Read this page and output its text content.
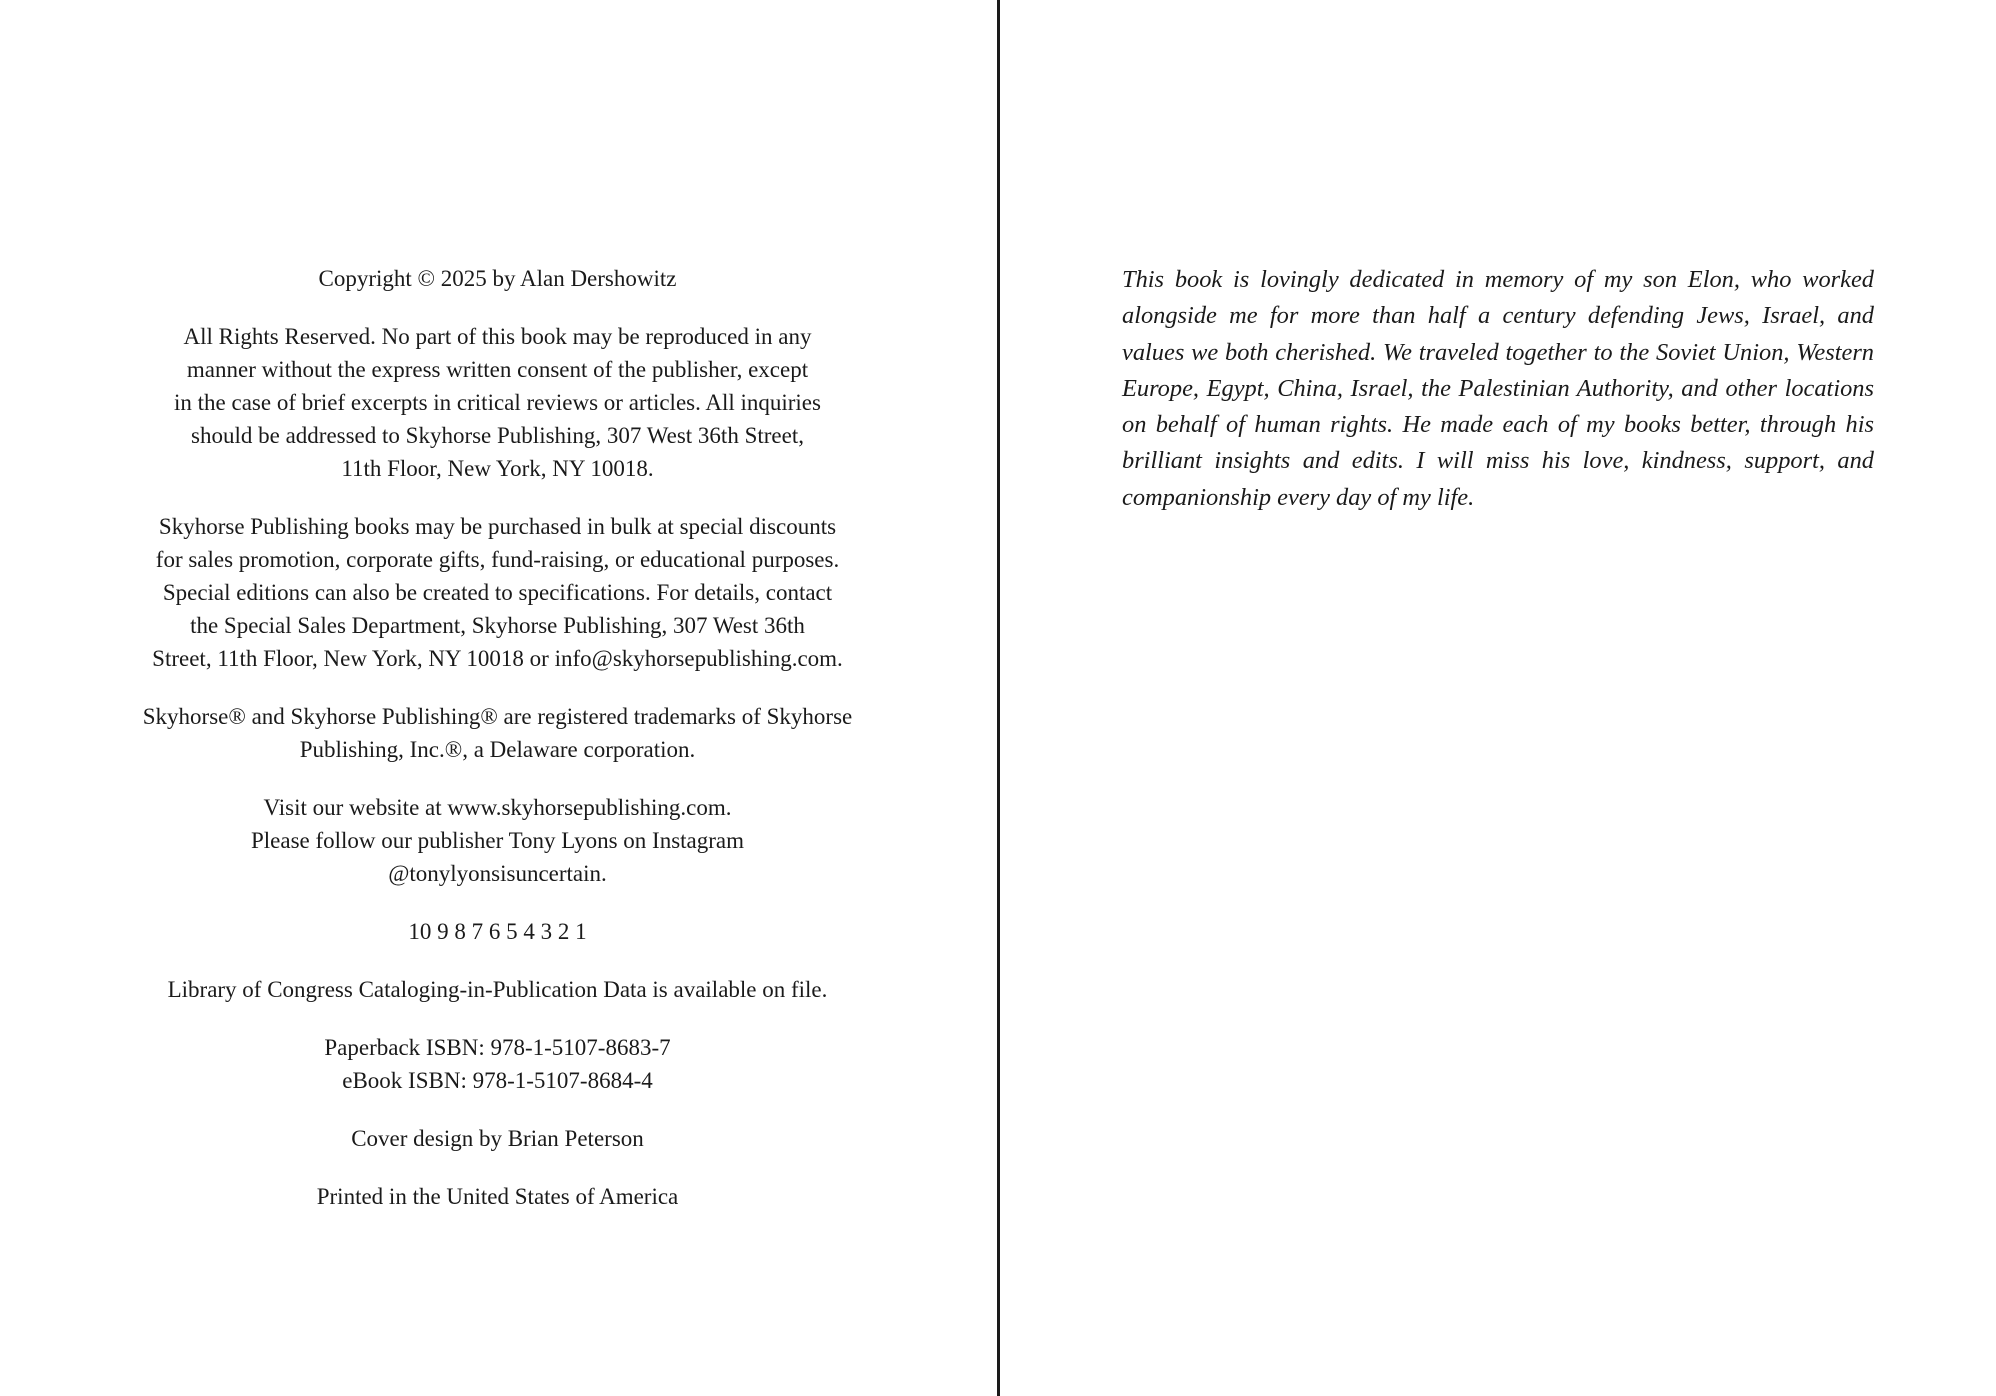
Copyright © 2025 by Alan Dershowitz

All Rights Reserved. No part of this book may be reproduced in any
manner without the express written consent of the publisher, except
in the case of brief excerpts in critical reviews or articles. All inquiries
should be addressed to Skyhorse Publishing, 307 West 36th Street,
11th Floor, New York, NY 10018.

Skyhorse Publishing books may be purchased in bulk at special discounts
for sales promotion, corporate gifts, fund-raising, or educational purposes.
Special editions can also be created to specifications. For details, contact
the Special Sales Department, Skyhorse Publishing, 307 West 36th
Street, 11th Floor, New York, NY 10018 or info@skyhorsepublishing.com.

Skyhorse® and Skyhorse Publishing® are registered trademarks of Skyhorse
Publishing, Inc.®, a Delaware corporation.

Visit our website at www.skyhorsepublishing.com.
Please follow our publisher Tony Lyons on Instagram
@tonylyonsisuncertain.

10 9 8 7 6 5 4 3 2 1

Library of Congress Cataloging-in-Publication Data is available on file.

Paperback ISBN: 978-1-5107-8683-7
eBook ISBN: 978-1-5107-8684-4

Cover design by Brian Peterson

Printed in the United States of America

This book is lovingly dedicated in memory of my son Elon, who worked alongside me for more than half a century defending Jews, Israel, and values we both cherished. We traveled together to the Soviet Union, Western Europe, Egypt, China, Israel, the Palestinian Authority, and other locations on behalf of human rights. He made each of my books better, through his brilliant insights and edits. I will miss his love, kindness, support, and companionship every day of my life.
